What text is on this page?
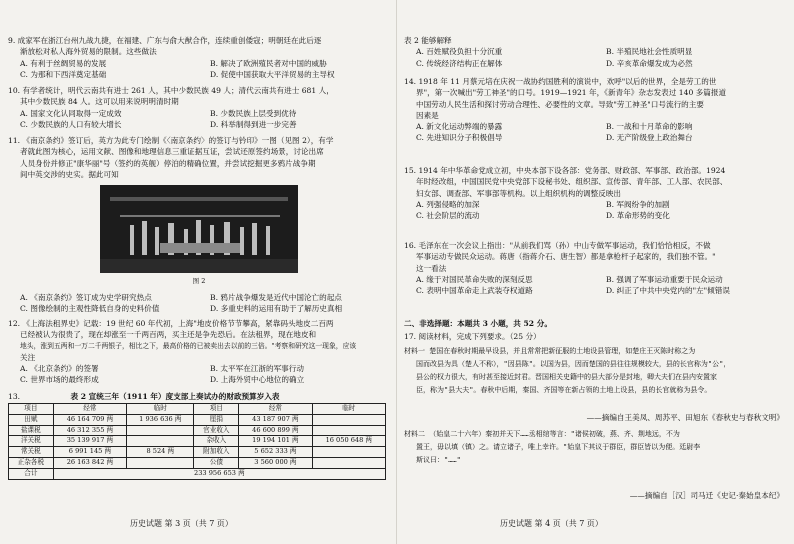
9. 成家军在浙江台州九战九捷，在福建、广东与俞大猷合作，连续重创倭寇；明朝廷在此后逐
渐放松对私人海外贸易的限制。这些做法
A. 有利于丝绸贸易的发展	B. 解决了欧洲殖民者对中国的威胁
C. 为那和下西洋奠定基础	D. 促使中国获取大平洋贸易的主导权
10. 有学者统计，明代云南共有进士 261 人，其中少数民族 49 人；清代云南共有进士 681 人，
其中少数民族 84 人。这可以用来说明明清时期
A. 国家文化认同取得一定成效	B. 少数民族上层受到优待
C. 少数民族的人口有较大增长	D. 科举制得到进一步完善
11. 《南京条约》签订后，英方为此专门绘制《〈南京条约〉的签订与钤印》一图（见图 2），有学
者就此图为核心，运用文献、图像和地理信息三重证据互证，尝试还原签约场景，讨论出席
人员身份并修正"康华丽"号（签约的英舰）停泊的精确位置，并尝试挖掘更多鸦片战争期
间中英交涉的史实。据此可知
图 2
A. 《南京条约》签订成为史学研究热点	B. 鸦片战争爆发是近代中国沦亡的起点
C. 图像绘制的主观性降低自身的史料价值	D. 多重史料的运用有助于了解历史真相
12. 《上海法租界史》记载：19 世纪 60 年代初，上海"地皮价格节节攀高，紧靠码头地皮二百两
已经被认为很贵了，现在却涨至一千两百两，买主还是争先恐后。在法租界，现在地皮和
地头，涨到五两和一万二千两银子，相比之下，最高价格的已被卖出去以前的三倍。"考察和研究这一现象，应该
关注
A. 《北京条约》的签署	B. 太平军在江浙的军事行动
C. 世界市场的最终形成	D. 上海外贸中心地位的确立
13.	表 2 宣统三年（1911 年）度支部上奏试办的财政预算岁入表
项目	经常	临时	项目	经常	临时
田赋	46 164 709 两	1 936 636 两	厘捐	43 187 907 两	
盐课税	46 312 355 两		官业收入	46 600 899 两	
洋关税	35 139 917 两		杂收入	19 194 101 两	16 050 648 两
常关税	6 991 145 两	8 524 两	附加收入	5 652 333 两	
正杂各税	26 163 842 两		公债	3 560 000 两	
合计	233 956 653 两				
历史试题 第 3 页（共 7 页）
表 2 能够解释
A. 百姓赋役负担十分沉重	B. 半殖民地社会性质明显
C. 传统经济结构正在解体	D. 辛亥革命爆发成为必然
14. 1918 年 11 月蔡元培在庆祝一战协约国胜利的演说中，欢呼"以后的世界，全是劳工的世
界"，第一次喊出"劳工神圣"的口号。1919—1921 年，《新青年》杂志发表过 140 多篇报道
中国劳动人民生活和探讨劳动合理性、必要性的文章。导致"劳工神圣"口号流行的主要
因素是
A. 新文化运动弊端的暴露	B. 一战和十月革命的影响
C. 先进知识分子积极倡导	D. 无产阶级登上政治舞台
15. 1914 年中华革命党成立初，中央本部下设各部：党务部、财政部、军事部、政治部。1924
年时经改组，中国国民党中央党部下设秘书处、组织部、宣传部、青年部、工人部、农民部、
妇女部、调查部、军事部等机构。以上组织机构的调整反映出
A. 列强侵略的加深	B. 军阀纷争的加剧
C. 社会阶层的流动	D. 革命形势的变化
16. 毛泽东在一次会议上指出："从前我们骂（孙）中山专做军事运动，我们恰恰相反，不做
军事运动专做民众运动。蒋唐（指蒋介石、唐生智）都是拿枪杆子起家的，我们独不管。"
这一看法
A. 缘于对国民革命失败的深刻反思	B. 强调了军事运动重要于民众运动
C. 表明中国革命走上武装夺权道路	D. 纠正了中共中央党内的"左"倾错误
二、非选择题：本题共 3 小题，共 52 分。
17. 阅读材料，完成下列要求。（25 分）
材料一 楚国在春秋时期最早设县，并且常常把新征服的土地设县管理，如楚庄王灭陈时称之为
国而改县为具（楚人不称），"因县陈"。以国为县，因而楚国的县往往规模较大，县的长官称为"公"，
县公的权力很大，有时甚至接近封君。晋国相关史籍中的县大部分是封地，卿大夫们在县内安置家
臣，称为"县大夫"。春秋中后期，秦国、齐国等在新占领的土地上设县，县的长官就称为县令。
——摘编自王美凤、周苏平、田旭东《春秋史与春秋文明》
材料二 （始皇二十六年）秦初并天下……丞相绾等言："诸侯初破，燕、齐、荆地远，不为
置王，毋以填（镇）之。请立诸子，唯上幸许。"始皇下其议于群臣，群臣皆以为便。廷尉李
斯议曰："……"
——摘编自［汉］司马迁《史记·秦始皇本纪》
历史试题 第 4 页（共 7 页）
